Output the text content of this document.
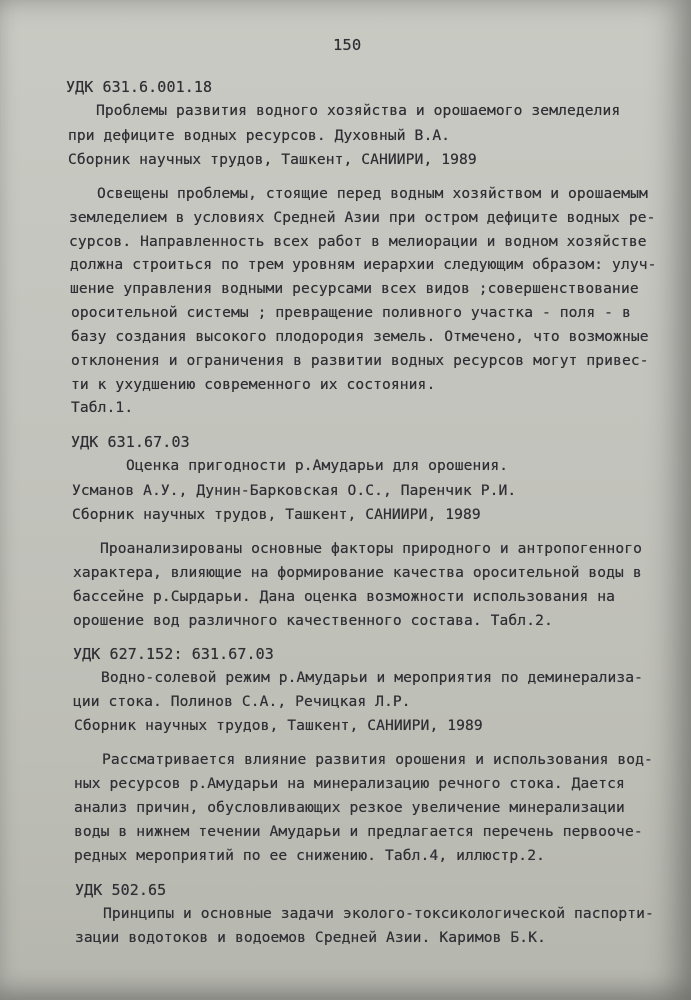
150

УДК 631.6.001.18

Проблемы развития водного хозяйства и орошаемого земледелия

при дефиците водных ресурсов. Духовный В.А.

Сборник научных трудов, Ташкент, САНИИРИ, 1989

Освещены проблемы, стоящие перед водным хозяйством и орошаемым

земледелием в условиях Средней Азии при остром дефиците водных ре-

сурсов. Направленность всех работ в мелиорации и водном хозяйстве

должна строиться по трем уровням иерархии следующим образом: улуч-

шение управления водными ресурсами всех видов ;совершенствование

оросительной системы ; превращение поливного участка - поля - в

базу создания высокого плодородия земель. Отмечено, что возможные

отклонения и ограничения в развитии водных ресурсов могут привес-

ти к ухудшению современного их состояния.

Табл.1.

УДК 631.67.03

Оценка пригодности р.Амударьи для орошения.

Усманов А.У., Дунин-Барковская О.С., Паренчик Р.И.

Сборник научных трудов, Ташкент, САНИИРИ, 1989

Проанализированы основные факторы природного и антропогенного

характера, влияющие на формирование качества оросительной воды в

бассейне р.Сырдарьи. Дана оценка возможности использования на

орошение вод различного качественного состава. Табл.2.

УДК 627.152: 631.67.03

Водно-солевой режим р.Амударьи и мероприятия по деминерализа-

ции стока. Полинов С.А., Речицкая Л.Р.

Сборник научных трудов, Ташкент, САНИИРИ, 1989

Рассматривается влияние развития орошения и использования вод-

ных ресурсов р.Амударьи на минерализацию речного стока. Дается

анализ причин, обусловливающих резкое увеличение минерализации

воды в нижнем течении Амударьи и предлагается перечень первооче-

редных мероприятий по ее снижению. Табл.4, иллюстр.2.

УДК 502.65

Принципы и основные задачи эколого-токсикологической паспорти-

зации водотоков и водоемов Средней Азии. Каримов Б.К.
